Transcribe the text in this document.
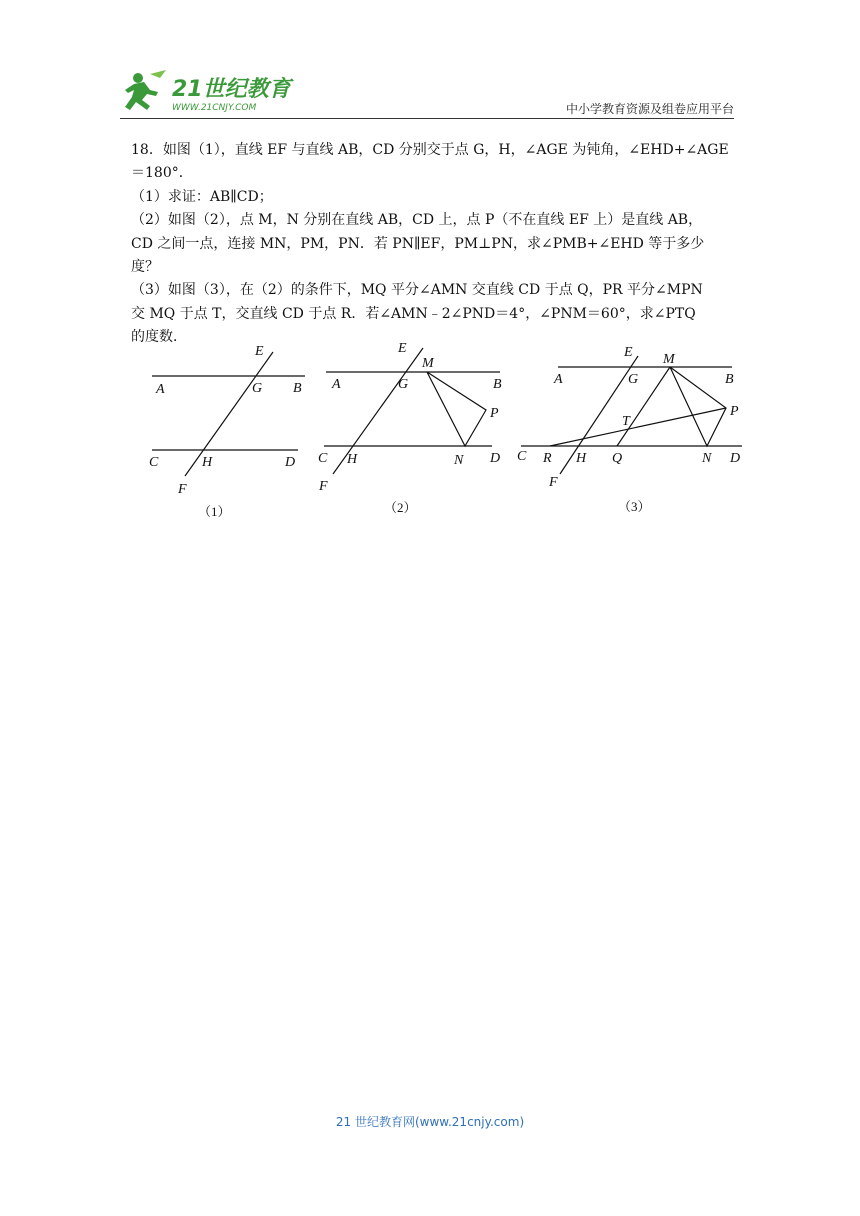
21世纪教育
WWW.21CNJY.COM	中小学教育资源及组卷应用平台

18．如图（1），直线 EF 与直线 AB，CD 分别交于点 G，H，∠AGE 为钝角，∠EHD+∠AGE

＝180°．

（1）求证：AB∥CD；

（2）如图（2），点 M，N 分别在直线 AB，CD 上，点 P（不在直线 EF 上）是直线 AB，

CD 之间一点，连接 MN，PM，PN．若 PN∥EF，PM⊥PN，求∠PMB+∠EHD 等于多少

度？

（3）如图（3），在（2）的条件下，MQ 平分∠AMN 交直线 CD 于点 Q，PR 平分∠MPN

交 MQ 于点 T，交直线 CD 于点 R．若∠AMN﹣2∠PND＝4°，∠PNM＝60°，求∠PTQ

的度数．

E
A	G B
C	H	D
F
（1）
E
M
A	G	B
P
C H	N D
F
（2）
E M
A	G	B
P
T
C R H Q	N D
F
（3）
21 世纪教育网(www.21cnjy.com)
